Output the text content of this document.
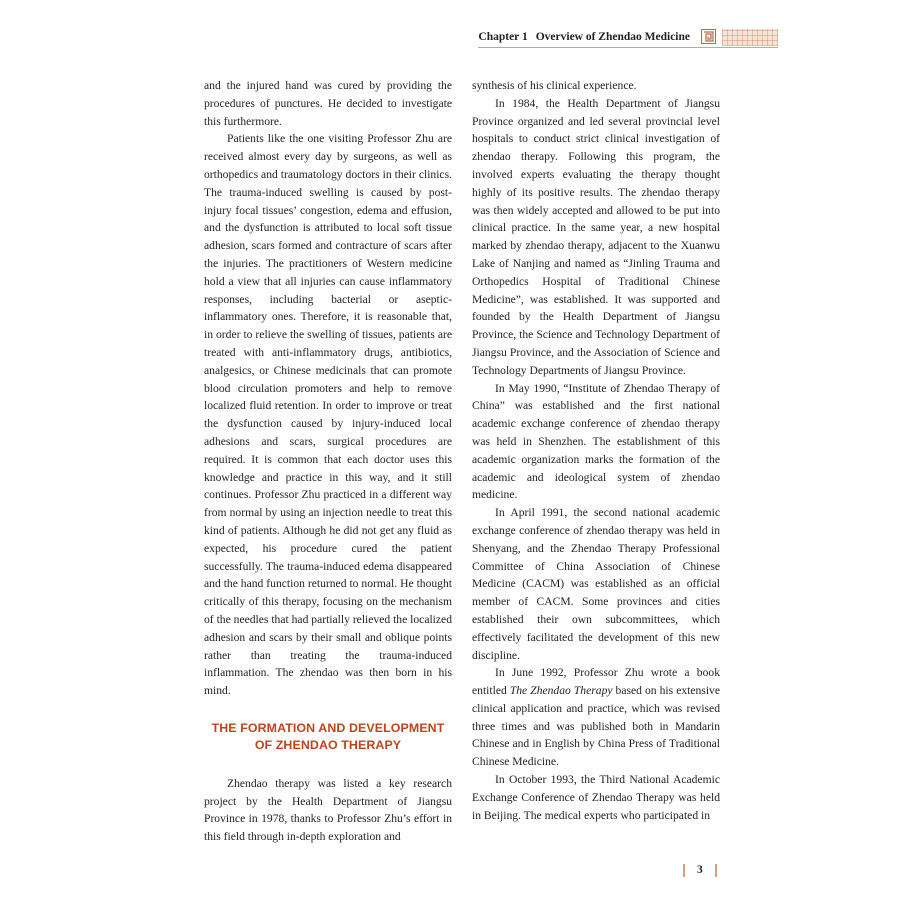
Chapter 1 Overview of Zhendao Medicine

and the injured hand was cured by providing the procedures of punctures. He decided to investigate this furthermore.

Patients like the one visiting Professor Zhu are received almost every day by surgeons, as well as orthopedics and traumatology doctors in their clinics. The trauma-induced swelling is caused by post-injury focal tissues’ congestion, edema and effusion, and the dysfunction is attributed to local soft tissue adhesion, scars formed and contracture of scars after the injuries. The practitioners of Western medicine hold a view that all injuries can cause inflammatory responses, including bacterial or aseptic-inflammatory ones. Therefore, it is reasonable that, in order to relieve the swelling of tissues, patients are treated with anti-inflammatory drugs, antibiotics, analgesics, or Chinese medicinals that can promote blood circulation promoters and help to remove localized fluid retention. In order to improve or treat the dysfunction caused by injury-induced local adhesions and scars, surgical procedures are required. It is common that each doctor uses this knowledge and practice in this way, and it still continues. Professor Zhu practiced in a different way from normal by using an injection needle to treat this kind of patients. Although he did not get any fluid as expected, his procedure cured the patient successfully. The trauma-induced edema disappeared and the hand function returned to normal. He thought critically of this therapy, focusing on the mechanism of the needles that had partially relieved the localized adhesion and scars by their small and oblique points rather than treating the trauma-induced inflammation. The zhendao was then born in his mind.

THE FORMATION AND DEVELOPMENT
OF ZHENDAO THERAPY

Zhendao therapy was listed a key research project by the Health Department of Jiangsu Province in 1978, thanks to Professor Zhu’s effort in this field through in-depth exploration and

synthesis of his clinical experience.

In 1984, the Health Department of Jiangsu Province organized and led several provincial level hospitals to conduct strict clinical investigation of zhendao therapy. Following this program, the involved experts evaluating the therapy thought highly of its positive results. The zhendao therapy was then widely accepted and allowed to be put into clinical practice. In the same year, a new hospital marked by zhendao therapy, adjacent to the Xuanwu Lake of Nanjing and named as “Jinling Trauma and Orthopedics Hospital of Traditional Chinese Medicine”, was established. It was supported and founded by the Health Department of Jiangsu Province, the Science and Technology Department of Jiangsu Province, and the Association of Science and Technology Departments of Jiangsu Province.

In May 1990, “Institute of Zhendao Therapy of China” was established and the first national academic exchange conference of zhendao therapy was held in Shenzhen. The establishment of this academic organization marks the formation of the academic and ideological system of zhendao medicine.

In April 1991, the second national academic exchange conference of zhendao therapy was held in Shenyang, and the Zhendao Therapy Professional Committee of China Association of Chinese Medicine (CACM) was established as an official member of CACM. Some provinces and cities established their own subcommittees, which effectively facilitated the development of this new discipline.

In June 1992, Professor Zhu wrote a book entitled The Zhendao Therapy based on his extensive clinical application and practice, which was revised three times and was published both in Mandarin Chinese and in English by China Press of Traditional Chinese Medicine.

In October 1993, the Third National Academic Exchange Conference of Zhendao Therapy was held in Beijing. The medical experts who participated in

3
